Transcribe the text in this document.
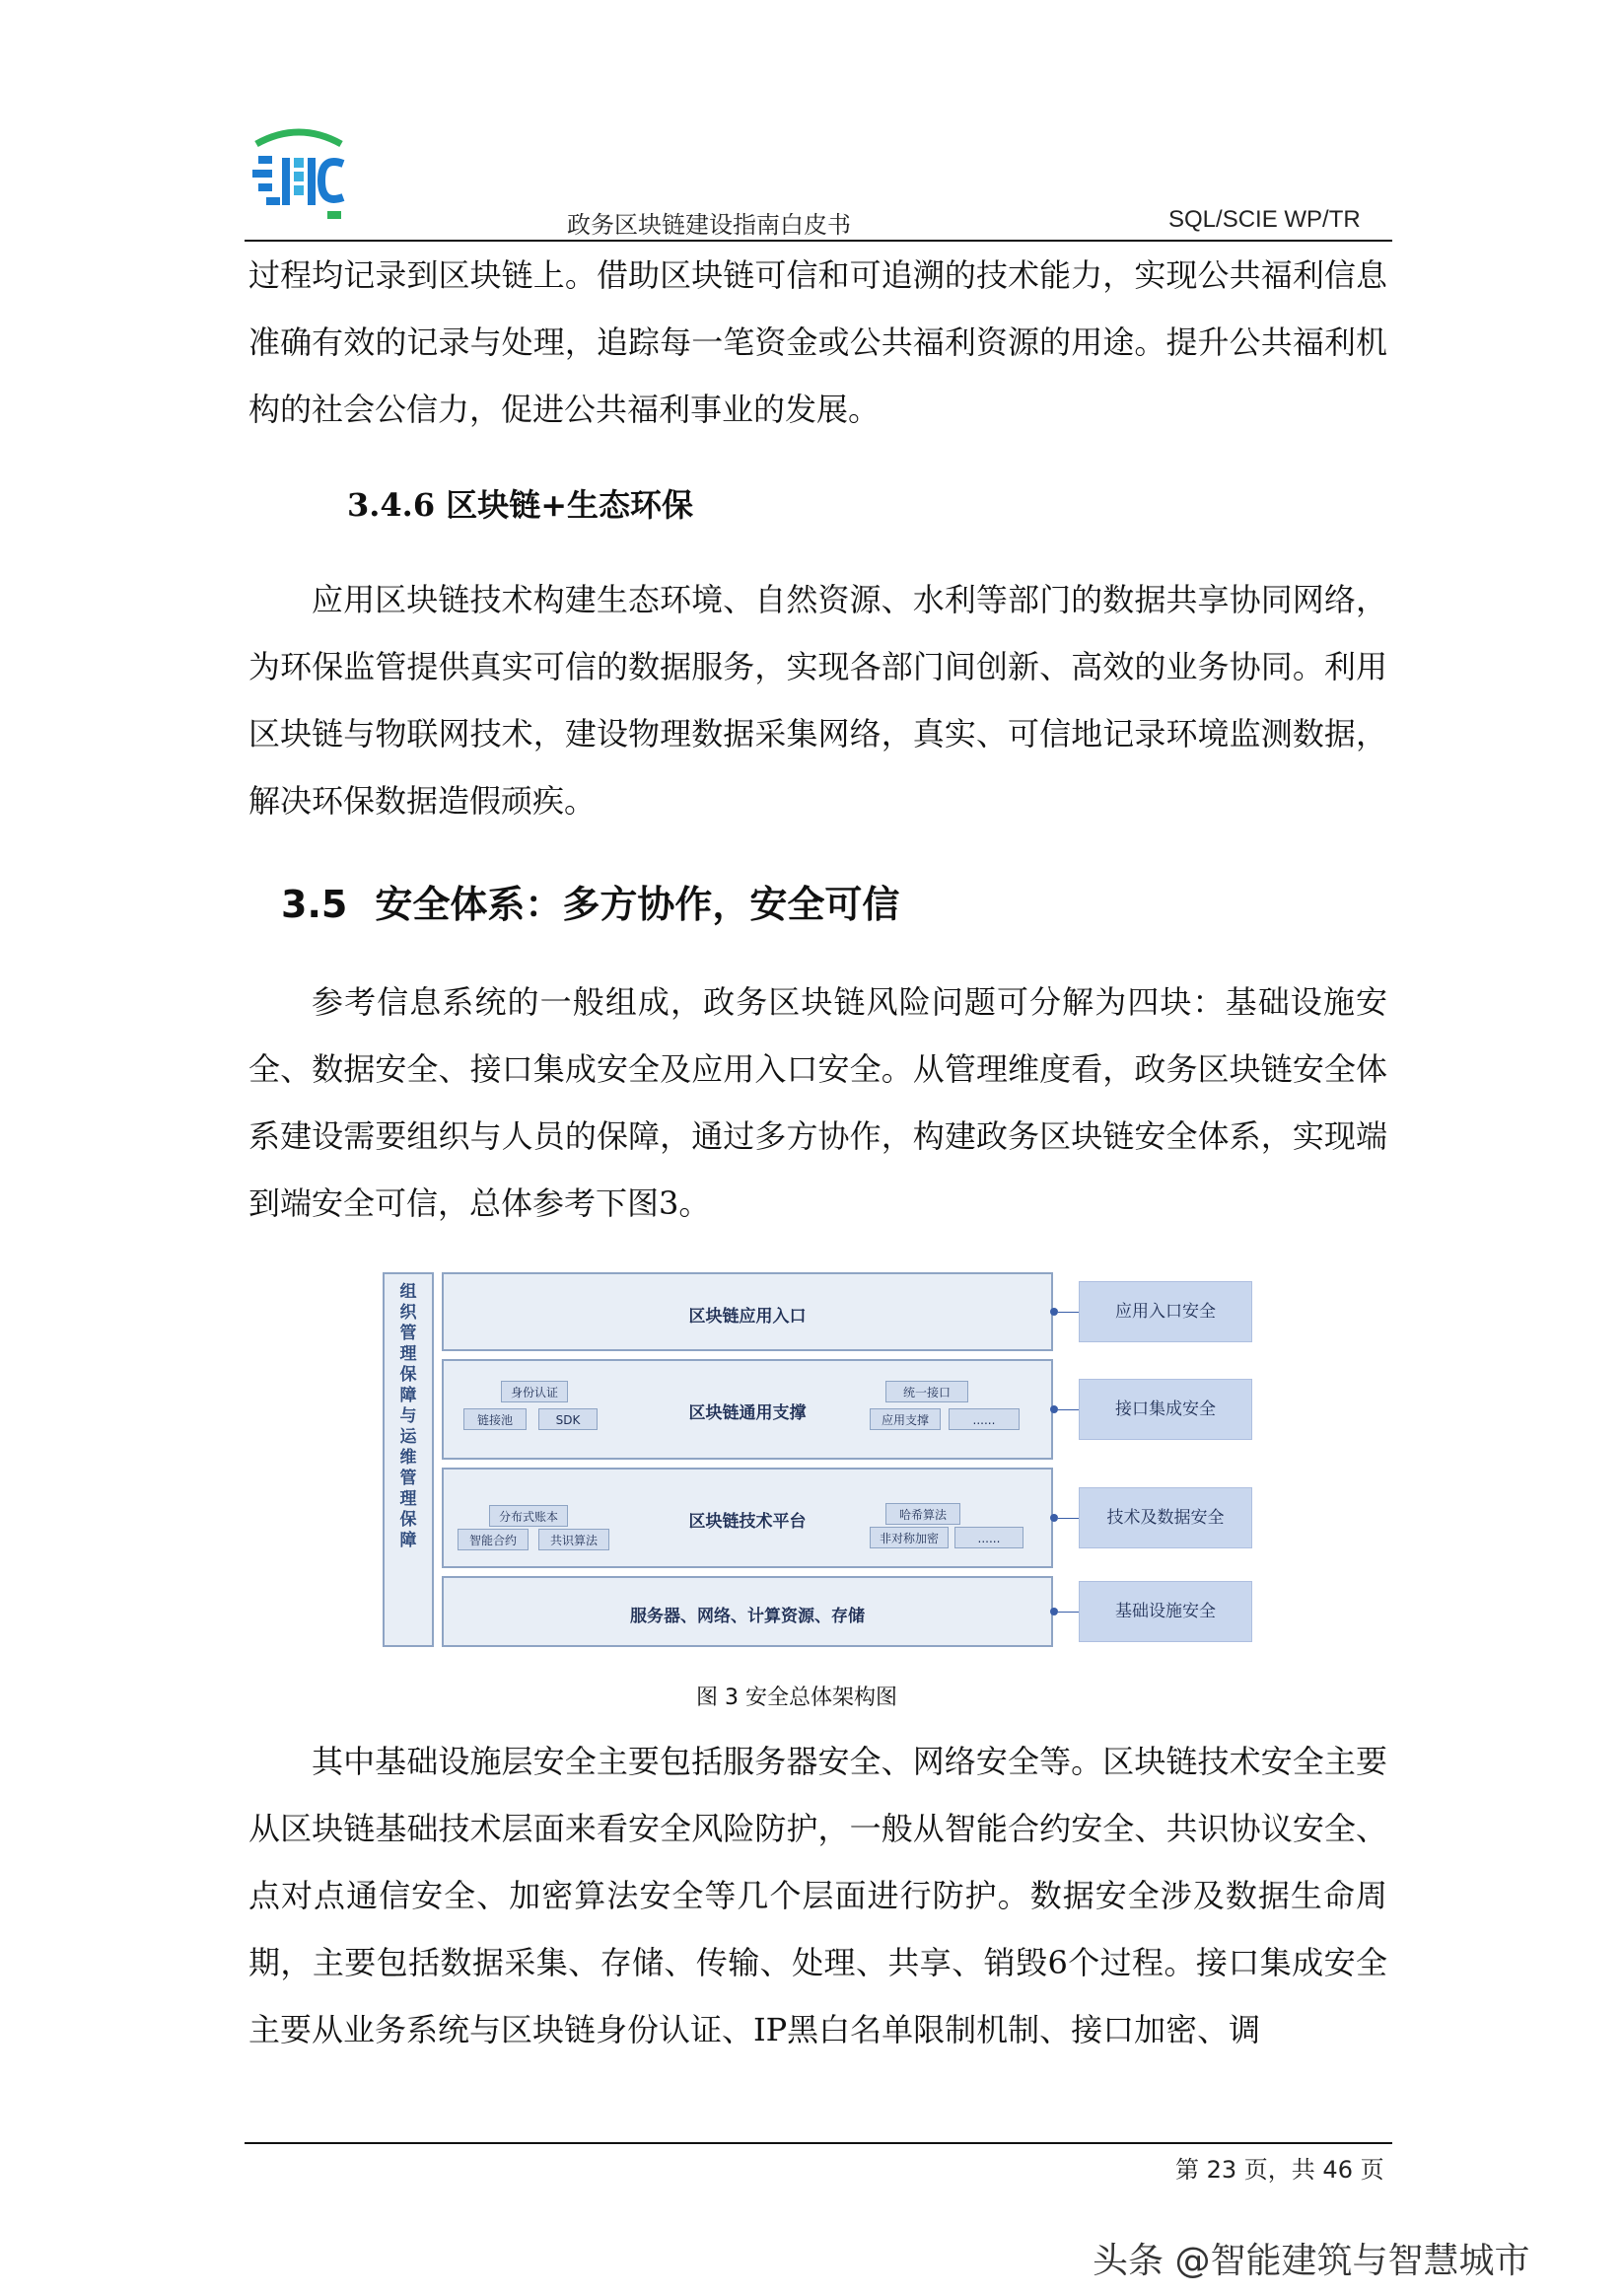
政务区块链建设指南白皮书	SQL/SCIE WP/TR

过程均记录到区块链上。借助区块链可信和可追溯的技术能力，实现公共福利信息准确有效的记录与处理，追踪每一笔资金或公共福利资源的用途。提升公共福利机构的社会公信力，促进公共福利事业的发展。

3.4.6 区块链+生态环保

应用区块链技术构建生态环境、自然资源、水利等部门的数据共享协同网络，为环保监管提供真实可信的数据服务，实现各部门间创新、高效的业务协同。利用区块链与物联网技术，建设物理数据采集网络，真实、可信地记录环境监测数据，解决环保数据造假顽疾。

3.5 安全体系：多方协作，安全可信

参考信息系统的一般组成，政务区块链风险问题可分解为四块：基础设施安全、数据安全、接口集成安全及应用入口安全。从管理维度看，政务区块链安全体系建设需要组织与人员的保障，通过多方协作，构建政务区块链安全体系，实现端到端安全可信，总体参考下图3。

组
织
管
理
保
障
与
运
维
管
理
保
障
区块链应用入口	应用入口安全
区块链通用支撑
身份认证
链接池	SDK
统一接口
应用支撑	......
接口集成安全
区块链技术平台
分布式账本
智能合约	共识算法
哈希算法
非对称加密	......
技术及数据安全
服务器、网络、计算资源、存储	基础设施安全
图 3 安全总体架构图

其中基础设施层安全主要包括服务器安全、网络安全等。区块链技术安全主要从区块链基础技术层面来看安全风险防护，一般从智能合约安全、共识协议安全、点对点通信安全、加密算法安全等几个层面进行防护。数据安全涉及数据生命周期，主要包括数据采集、存储、传输、处理、共享、销毁6个过程。接口集成安全主要从业务系统与区块链身份认证、IP黑白名单限制机制、接口加密、调

第 23 页，共 46 页
头条 @智能建筑与智慧城市
